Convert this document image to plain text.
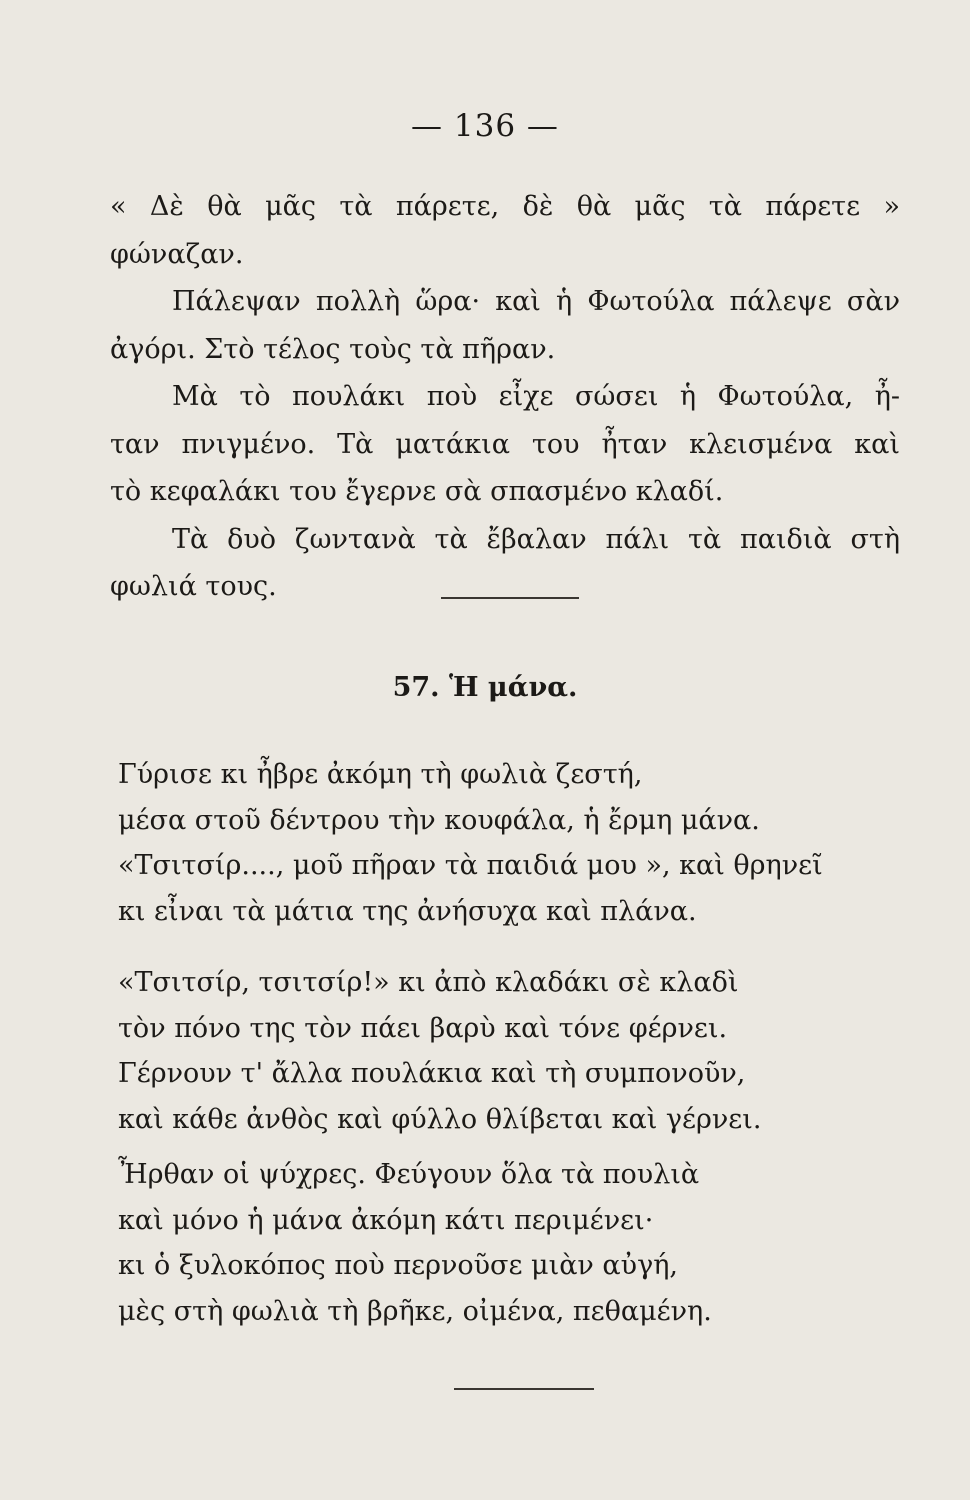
— 136 —
« Δὲ θὰ μᾶς τὰ πάρετε, δὲ θὰ μᾶς τὰ πάρετε »
φώναζαν.
Πάλεψαν πολλὴ ὥρα· καὶ ἡ Φωτούλα πάλεψε σὰν
ἀγόρι. Στὸ τέλος τοὺς τὰ πῆραν.
Μὰ τὸ πουλάκι ποὺ εἶχε σώσει ἡ Φωτούλα, ἦ-
ταν πνιγμένο. Τὰ ματάκια του ἦταν κλεισμένα καὶ
τὸ κεφαλάκι του ἔγερνε σὰ σπασμένο κλαδί.
Τὰ δυὸ ζωντανὰ τὰ ἔβαλαν πάλι τὰ παιδιὰ στὴ
φωλιά τους.
57. Ἡ μάνα.
Γύρισε κι ἦβρε ἀκόμη τὴ φωλιὰ ζεστή,
μέσα στοῦ δέντρου τὴν κουφάλα, ἡ ἔρμη μάνα.
«Τσιτσίρ...., μοῦ πῆραν τὰ παιδιά μου », καὶ θρηνεῖ
κι εἶναι τὰ μάτια της ἀνήσυχα καὶ πλάνα.
«Τσιτσίρ, τσιτσίρ!» κι ἀπὸ κλαδάκι σὲ κλαδὶ
τὸν πόνο της τὸν πάει βαρὺ καὶ τόνε φέρνει.
Γέρνουν τ' ἄλλα πουλάκια καὶ τὴ συμπονοῦν,
καὶ κάθε ἀνθὸς καὶ φύλλο θλίβεται καὶ γέρνει.
Ἦρθαν οἱ ψύχρες. Φεύγουν ὅλα τὰ πουλιὰ
καὶ μόνο ἡ μάνα ἀκόμη κάτι περιμένει·
κι ὁ ξυλοκόπος ποὺ περνοῦσε μιὰν αὐγή,
μὲς στὴ φωλιὰ τὴ βρῆκε, οἰμένα, πεθαμένη.
